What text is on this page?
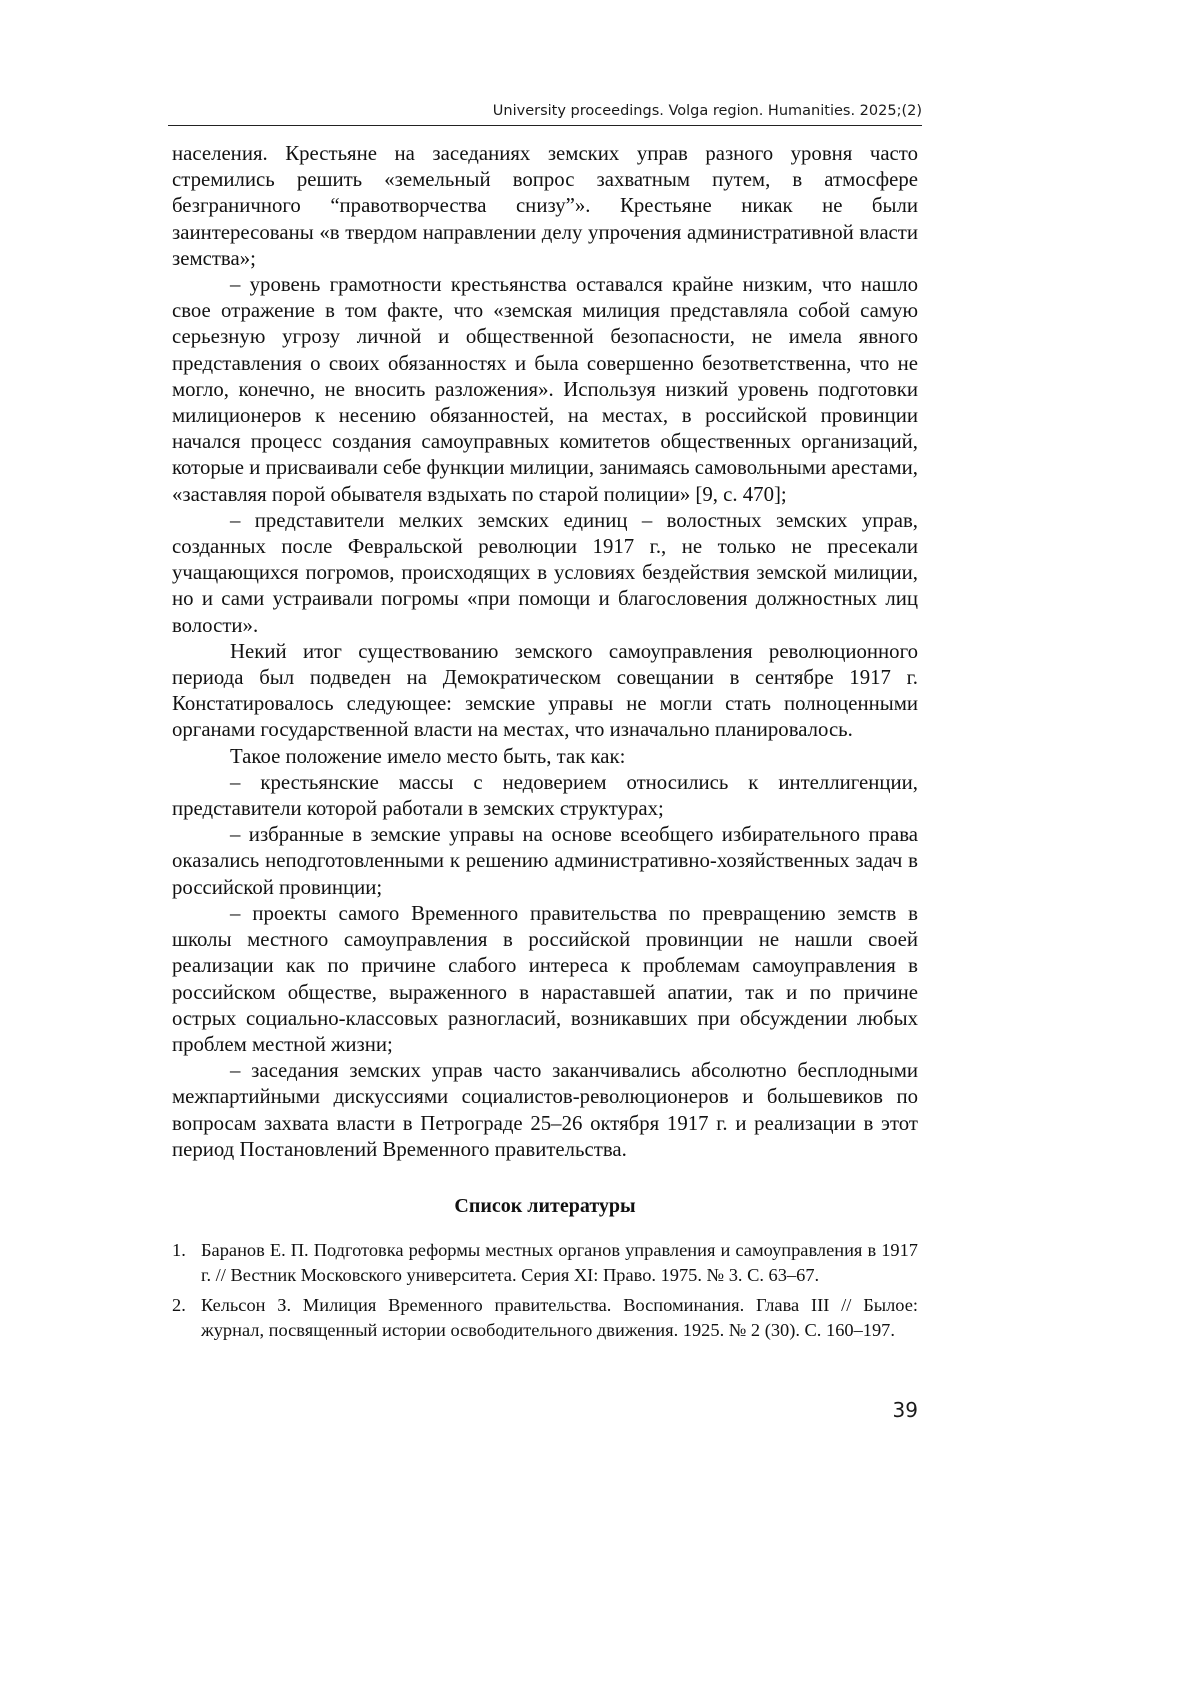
University proceedings. Volga region. Humanities. 2025;(2)

населения. Крестьяне на заседаниях земских управ разного уровня часто стремились решить «земельный вопрос захватным путем, в атмосфере безграничного “правотворчества снизу”». Крестьяне никак не были заинтересованы «в твердом направлении делу упрочения административной власти земства»;

– уровень грамотности крестьянства оставался крайне низким, что нашло свое отражение в том факте, что «земская милиция представляла собой самую серьезную угрозу личной и общественной безопасности, не имела явного представления о своих обязанностях и была совершенно безответственна, что не могло, конечно, не вносить разложения». Используя низкий уровень подготовки милиционеров к несению обязанностей, на местах, в российской провинции начался процесс создания самоуправных комитетов общественных организаций, которые и присваивали себе функции милиции, занимаясь самовольными арестами, «заставляя порой обывателя вздыхать по старой полиции» [9, с. 470];

– представители мелких земских единиц – волостных земских управ, созданных после Февральской революции 1917 г., не только не пресекали учащающихся погромов, происходящих в условиях бездействия земской милиции, но и сами устраивали погромы «при помощи и благословения должностных лиц волости».

Некий итог существованию земского самоуправления революционного периода был подведен на Демократическом совещании в сентябре 1917 г. Констатировалось следующее: земские управы не могли стать полноценными органами государственной власти на местах, что изначально планировалось.

Такое положение имело место быть, так как:

– крестьянские массы с недоверием относились к интеллигенции, представители которой работали в земских структурах;

– избранные в земские управы на основе всеобщего избирательного права оказались неподготовленными к решению административно-хозяйственных задач в российской провинции;

– проекты самого Временного правительства по превращению земств в школы местного самоуправления в российской провинции не нашли своей реализации как по причине слабого интереса к проблемам самоуправления в российском обществе, выраженного в нараставшей апатии, так и по причине острых социально-классовых разногласий, возникавших при обсуждении любых проблем местной жизни;

– заседания земских управ часто заканчивались абсолютно бесплодными межпартийными дискуссиями социалистов-революционеров и большевиков по вопросам захвата власти в Петрограде 25–26 октября 1917 г. и реализации в этот период Постановлений Временного правительства.

Список литературы
1. Баранов Е. П. Подготовка реформы местных органов управления и самоуправления в 1917 г. // Вестник Московского университета. Серия XI: Право. 1975. № 3. С. 63–67.
2. Кельсон З. Милиция Временного правительства. Воспоминания. Глава III // Былое: журнал, посвященный истории освободительного движения. 1925. № 2 (30). С. 160–197.
39
